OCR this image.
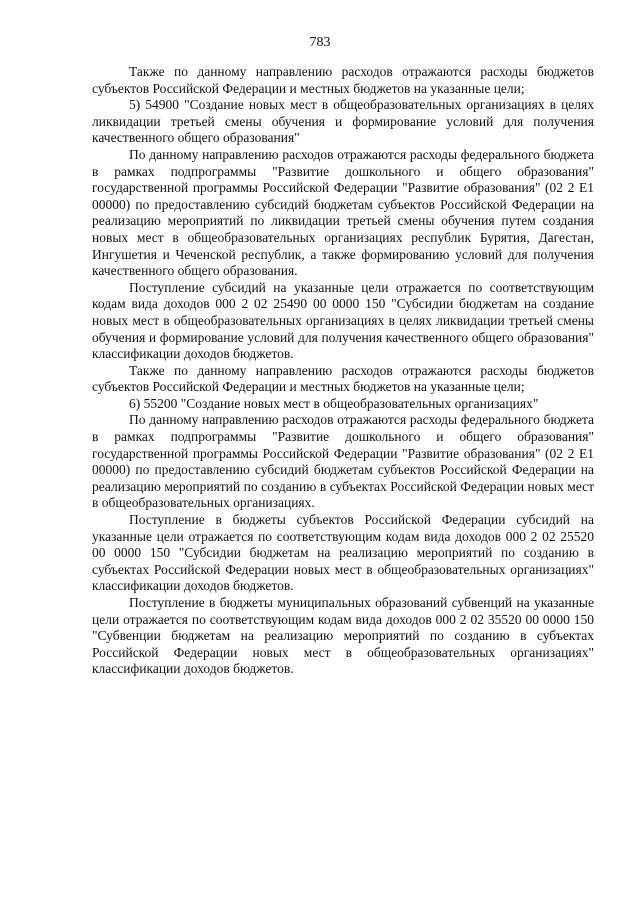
783

Также по данному направлению расходов отражаются расходы бюджетов субъектов Российской Федерации и местных бюджетов на указанные цели;

5) 54900 "Создание новых мест в общеобразовательных организациях в целях ликвидации третьей смены обучения и формирование условий для получения качественного общего образования"

По данному направлению расходов отражаются расходы федерального бюджета в рамках подпрограммы "Развитие дошкольного и общего образования" государственной программы Российской Федерации "Развитие образования" (02 2 E1 00000) по предоставлению субсидий бюджетам субъектов Российской Федерации на реализацию мероприятий по ликвидации третьей смены обучения путем создания новых мест в общеобразовательных организациях республик Бурятия, Дагестан, Ингушетия и Чеченской республик, а также формированию условий для получения качественного общего образования.

Поступление субсидий на указанные цели отражается по соответствующим кодам вида доходов 000 2 02 25490 00 0000 150 "Субсидии бюджетам на создание новых мест в общеобразовательных организациях в целях ликвидации третьей смены обучения и формирование условий для получения качественного общего образования" классификации доходов бюджетов.

Также по данному направлению расходов отражаются расходы бюджетов субъектов Российской Федерации и местных бюджетов на указанные цели;

6) 55200 "Создание новых мест в общеобразовательных организациях"

По данному направлению расходов отражаются расходы федерального бюджета в рамках подпрограммы "Развитие дошкольного и общего образования" государственной программы Российской Федерации "Развитие образования" (02 2 E1 00000) по предоставлению субсидий бюджетам субъектов Российской Федерации на реализацию мероприятий по созданию в субъектах Российской Федерации новых мест в общеобразовательных организациях.

Поступление в бюджеты субъектов Российской Федерации субсидий на указанные цели отражается по соответствующим кодам вида доходов 000 2 02 25520 00 0000 150 "Субсидии бюджетам на реализацию мероприятий по созданию в субъектах Российской Федерации новых мест в общеобразовательных организациях" классификации доходов бюджетов.

Поступление в бюджеты муниципальных образований субвенций на указанные цели отражается по соответствующим кодам вида доходов 000 2 02 35520 00 0000 150 "Субвенции бюджетам на реализацию мероприятий по созданию в субъектах Российской Федерации новых мест в общеобразовательных организациях" классификации доходов бюджетов.
